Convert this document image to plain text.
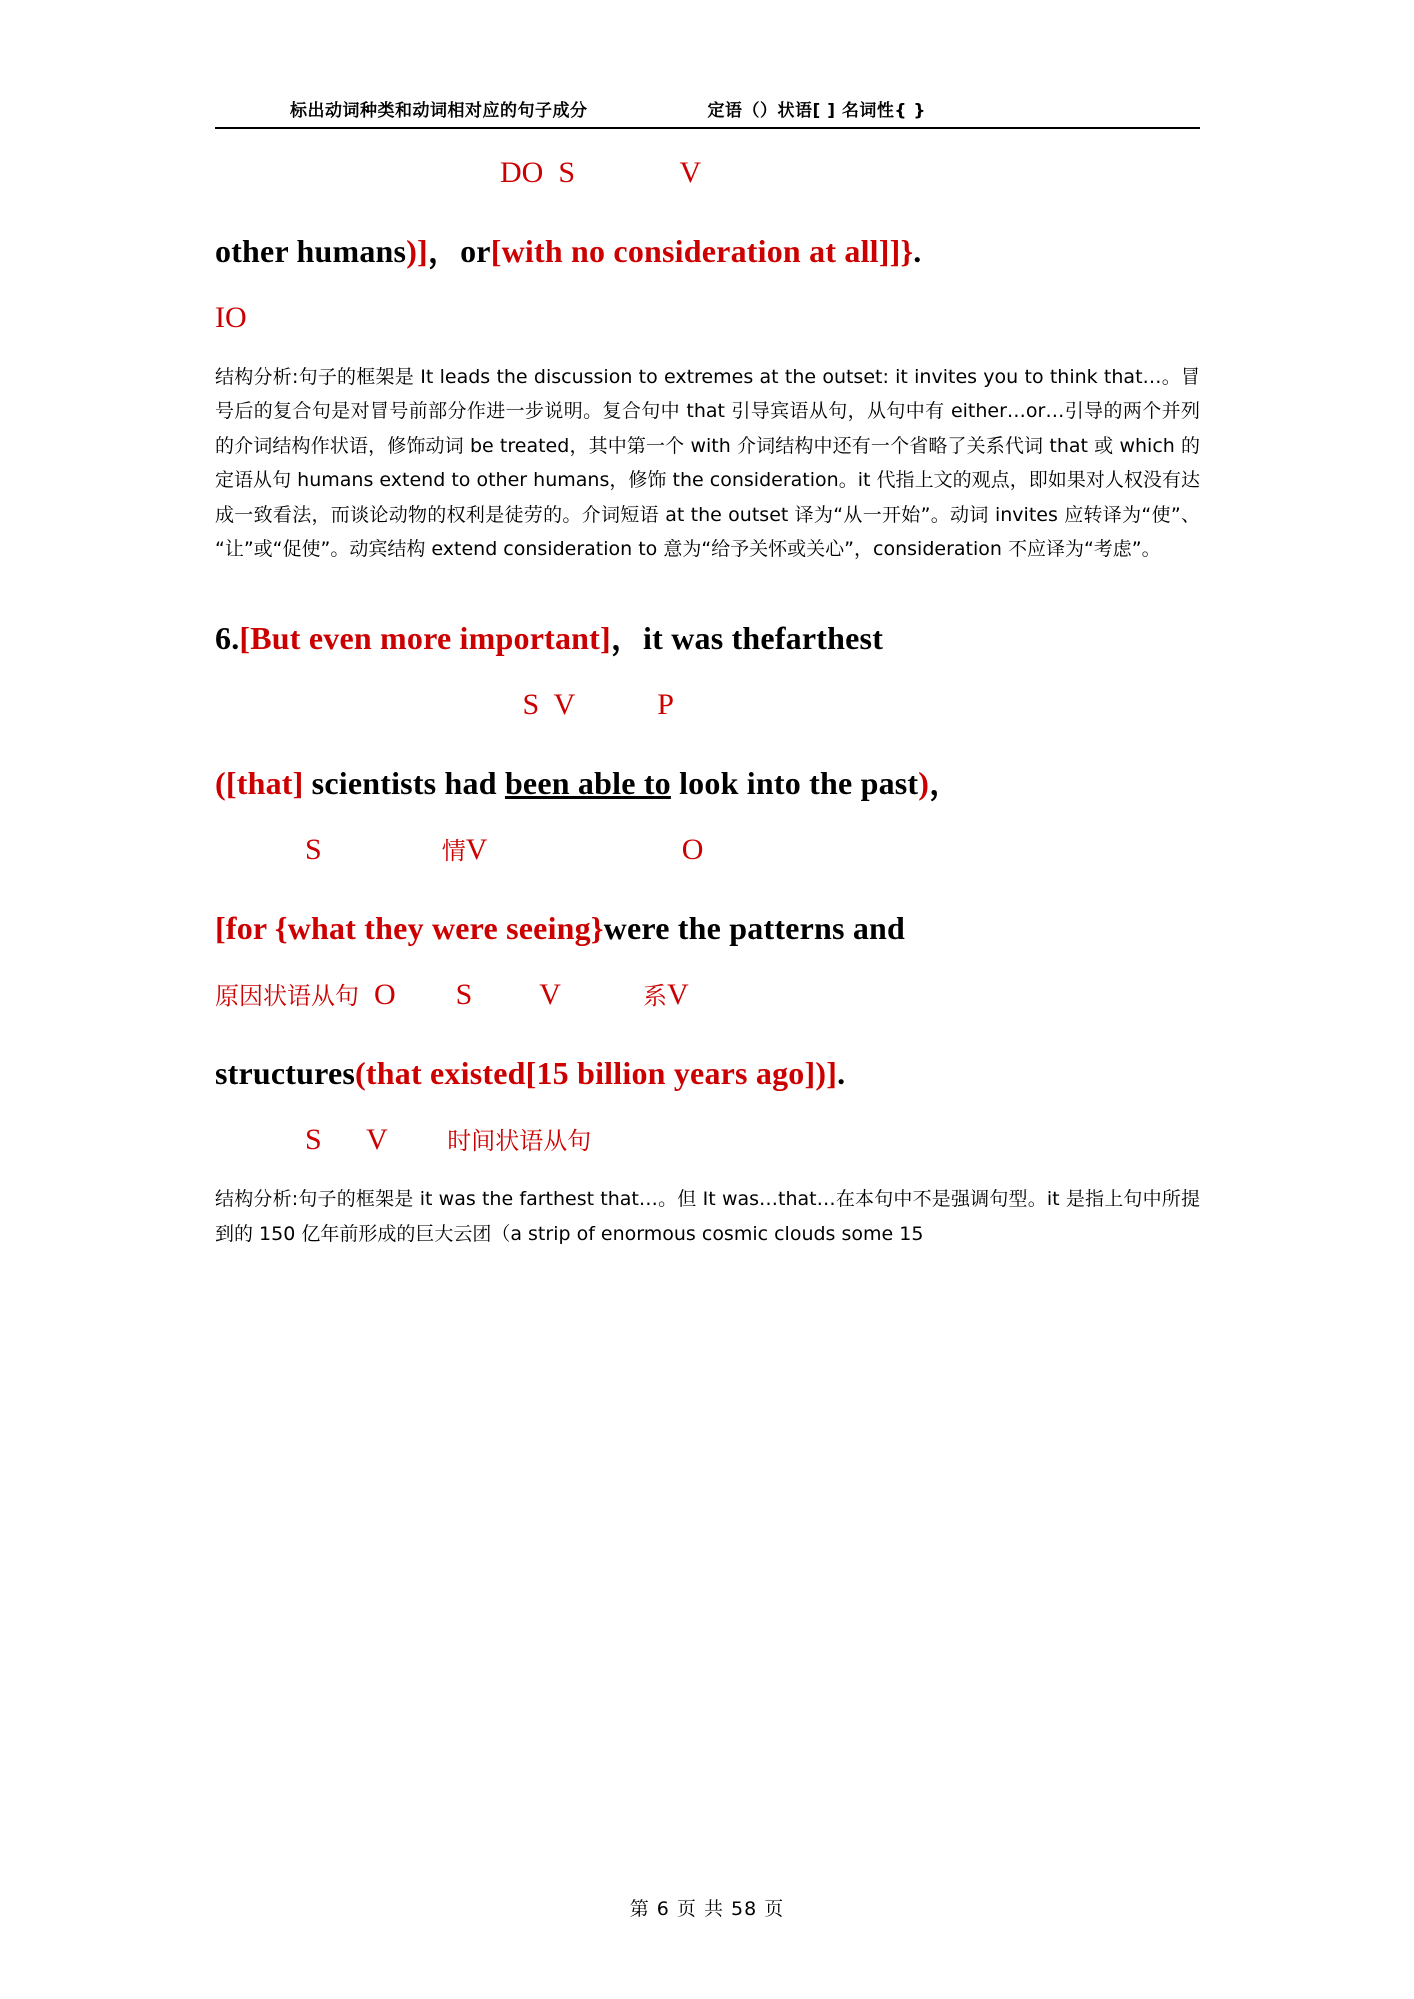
标出动词种类和动词相对应的句子成分	定语（）状语[ ] 名词性{ }
DO  S              V
other humans)]，or[with no consideration at all]]}.
IO
结构分析:句子的框架是 It leads the discussion to extremes at the outset: it invites you to think that…。冒号后的复合句是对冒号前部分作进一步说明。复合句中 that 引导宾语从句，从句中有 either…or…引导的两个并列的介词结构作状语，修饰动词 be treated，其中第一个 with 介词结构中还有一个省略了关系代词 that 或 which 的定语从句 humans extend to other humans，修饰 the consideration。it 代指上文的观点，即如果对人权没有达成一致看法，而谈论动物的权利是徒劳的。介词短语 at the outset 译为“从一开始”。动词 invites 应转译为“使”、“让”或“促使”。动宾结构 extend consideration to 意为“给予关怀或关心”，consideration 不应译为“考虑”。
6.[But even more important]，it was thefarthest
S  V           P
([that] scientists had been able to look into the past)，
S                情V                          O
[for {what they were seeing}were the patterns and
原因状语从句  O        S         V           系V
structures(that existed[15 billion years ago])].
S      V        时间状语从句
结构分析:句子的框架是 it was the farthest that…。但 It was…that…在本句中不是强调句型。it 是指上句中所提到的 150 亿年前形成的巨大云团（a strip of enormous cosmic clouds some 15
第 6 页 共 58 页
